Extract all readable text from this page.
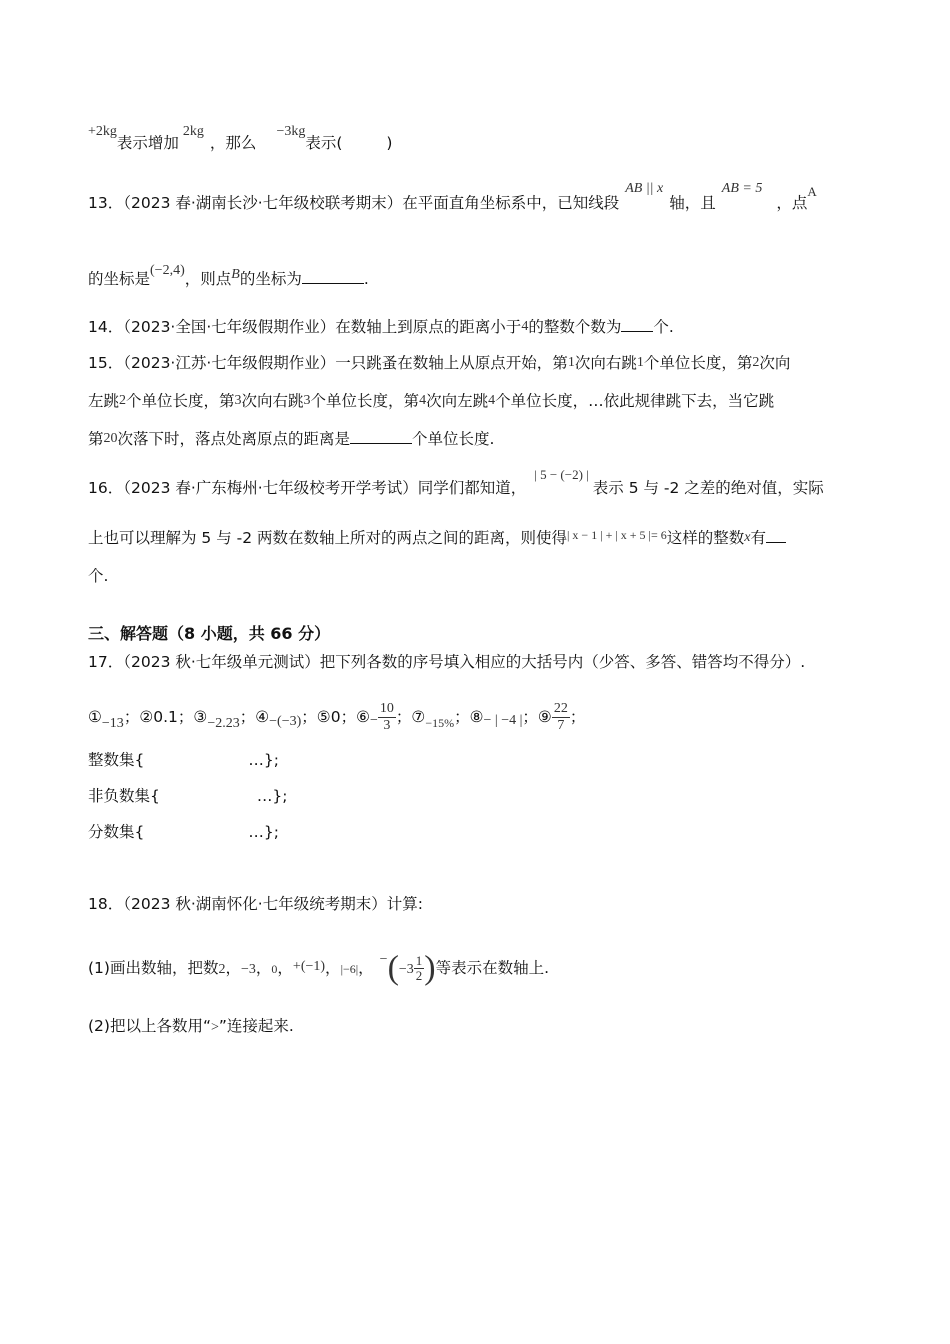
+2kg表示增加2kg，那么−3kg表示(	)
13．（2023 春·湖南长沙·七年级校联考期末）在平面直角坐标系中，已知线段AB || x轴，且AB = 5，点$^A$
的坐标是(−2,4)，则点B的坐标为	.
14．（2023·全国·七年级假期作业）在数轴上到原点的距离小于4的整数个数为 个.
15．（2023·江苏·七年级假期作业）一只跳蚤在数轴上从原点开始，第1次向右跳1个单位长度，第2次向
左跳2个单位长度，第3次向右跳3个单位长度，第4次向左跳4个单位长度，…依此规律跳下去，当它跳
第20次落下时，落点处离原点的距离是	个单位长度.
16．（2023 春·广东梅州·七年级校考开学考试）同学们都知道，$^{| 5 - (-2) |}$表示 5 与 -2 之差的绝对值，实际
上也可以理解为 5 与 -2 两数在数轴上所对的两点之间的距离，则使得$^{| x - 1 | + | x + 5 |= 6}$这样的整数x有
个.
三、解答题（8 小题，共 66 分）
17．（2023 秋·七年级单元测试）把下列各数的序号填入相应的大括号内（少答、多答、错答均不得分）.
①−13；②0.1；③−2.23；④−(−3)；⑤0；⑥− $\frac{10}{3}$ ；$⑦_{-15\%}$；⑧− | −4 |；⑨ $\frac{22}{7}$ ；
整数集{	…};
非负数集{	…};
分数集{	…};
18．（2023 秋·湖南怀化·七年级统考期末）计算:
(1)画出数轴，把数2，−3，0，+(−1)，|−6|， $-(-3 \frac{1}{2}$ )等表示在数轴上.
(2)把以上各数用“>”连接起来.
